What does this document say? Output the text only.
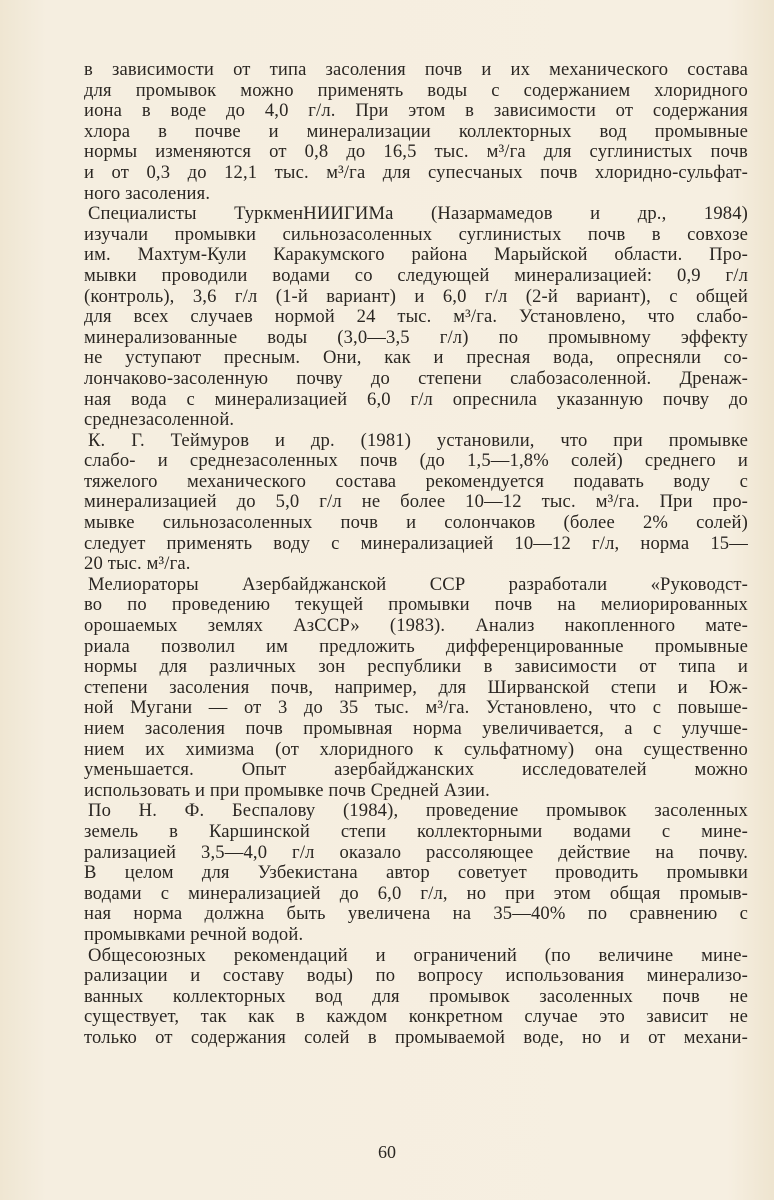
в зависимости от типа засоления почв и их механического состава
для промывок можно применять воды с содержанием хлоридного
иона в воде до 4,0 г/л. При этом в зависимости от содержания
хлора в почве и минерализации коллекторных вод промывные
нормы изменяются от 0,8 до 16,5 тыс. м³/га для суглинистых почв
и от 0,3 до 12,1 тыс. м³/га для супесчаных почв хлоридно-сульфат-
ного засоления.
Специалисты ТуркменНИИГИМа (Назармамедов и др., 1984)
изучали промывки сильнозасоленных суглинистых почв в совхозе
им. Махтум-Кули Каракумского района Марыйской области. Про-
мывки проводили водами со следующей минерализацией: 0,9 г/л
(контроль), 3,6 г/л (1-й вариант) и 6,0 г/л (2-й вариант), с общей
для всех случаев нормой 24 тыс. м³/га. Установлено, что слабо-
минерализованные воды (3,0—3,5 г/л) по промывному эффекту
не уступают пресным. Они, как и пресная вода, опресняли со-
лончаково-засоленную почву до степени слабозасоленной. Дренаж-
ная вода с минерализацией 6,0 г/л опреснила указанную почву до
среднезасоленной.
К. Г. Теймуров и др. (1981) установили, что при промывке
слабо- и среднезасоленных почв (до 1,5—1,8% солей) среднего и
тяжелого механического состава рекомендуется подавать воду с
минерализацией до 5,0 г/л не более 10—12 тыс. м³/га. При про-
мывке сильнозасоленных почв и солончаков (более 2% солей)
следует применять воду с минерализацией 10—12 г/л, норма 15—
20 тыс. м³/га.
Мелиораторы Азербайджанской ССР разработали «Руководст-
во по проведению текущей промывки почв на мелиорированных
орошаемых землях АзССР» (1983). Анализ накопленного мате-
риала позволил им предложить дифференцированные промывные
нормы для различных зон республики в зависимости от типа и
степени засоления почв, например, для Ширванской степи и Юж-
ной Мугани — от 3 до 35 тыс. м³/га. Установлено, что с повыше-
нием засоления почв промывная норма увеличивается, а с улучше-
нием их химизма (от хлоридного к сульфатному) она существенно
уменьшается. Опыт азербайджанских исследователей можно
использовать и при промывке почв Средней Азии.
По Н. Ф. Беспалову (1984), проведение промывок засоленных
земель в Каршинской степи коллекторными водами с мине-
рализацией 3,5—4,0 г/л оказало рассоляющее действие на почву.
В целом для Узбекистана автор советует проводить промывки
водами с минерализацией до 6,0 г/л, но при этом общая промыв-
ная норма должна быть увеличена на 35—40% по сравнению с
промывками речной водой.
Общесоюзных рекомендаций и ограничений (по величине мине-
рализации и составу воды) по вопросу использования минерализо-
ванных коллекторных вод для промывок засоленных почв не
существует, так как в каждом конкретном случае это зависит не
только от содержания солей в промываемой воде, но и от механи-
60
